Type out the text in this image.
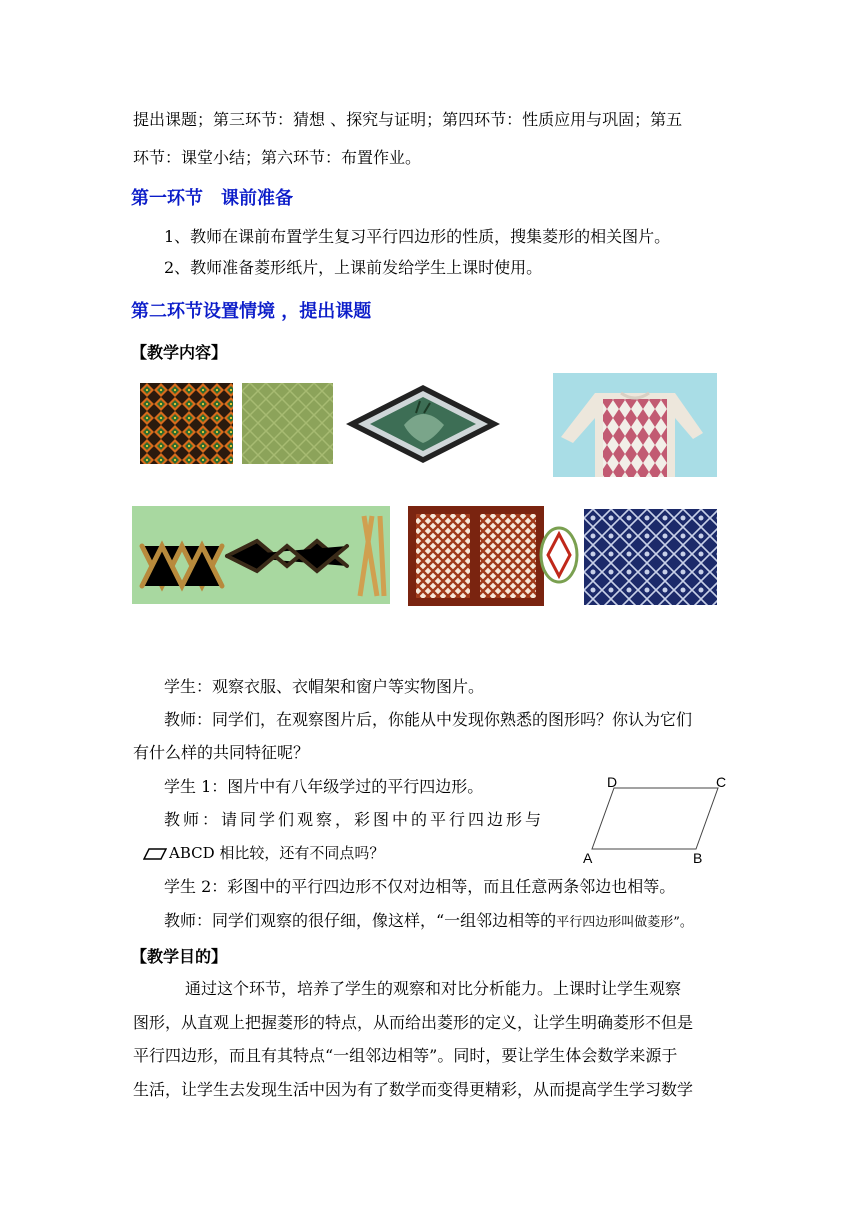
提出课题；第三环节：猜想 、探究与证明；第四环节：性质应用与巩固；第五
环节：课堂小结；第六环节：布置作业。
第一环节　课前准备
1、教师在课前布置学生复习平行四边形的性质，搜集菱形的相关图片。
2、教师准备菱形纸片，上课前发给学生上课时使用。
第二环节设置情境 ，提出课题
【教学内容】
学生：观察衣服、衣帽架和窗户等实物图片。
教师：同学们，在观察图片后，你能从中发现你熟悉的图形吗？你认为它们
有什么样的共同特征呢？
学生 1：图片中有八年级学过的平行四边形。
教师：请同学们观察，彩图中的平行四边形与
ABCD 相比较，还有不同点吗？	A	B
C
D
学生 2：彩图中的平行四边形不仅对边相等，而且任意两条邻边也相等。
教师：同学们观察的很仔细，像这样，“一组邻边相等的平行四边形叫做菱形”。
【教学目的】
通过这个环节，培养了学生的观察和对比分析能力。上课时让学生观察
图形，从直观上把握菱形的特点，从而给出菱形的定义，让学生明确菱形不但是
平行四边形，而且有其特点“一组邻边相等”。同时，要让学生体会数学来源于
生活，让学生去发现生活中因为有了数学而变得更精彩，从而提高学生学习数学
